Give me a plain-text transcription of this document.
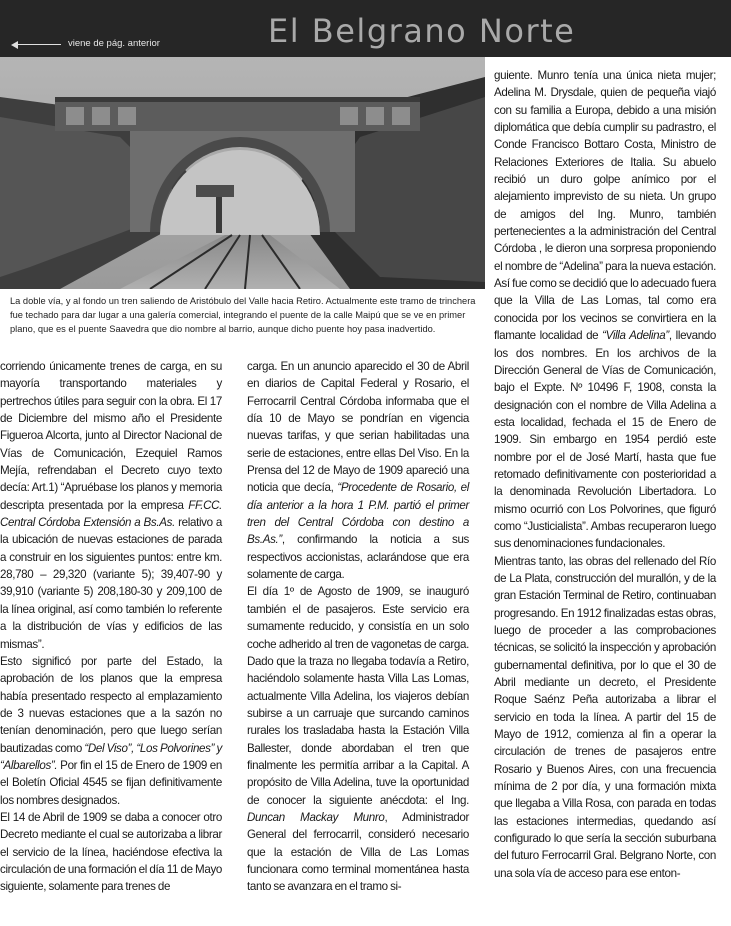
viene de pág. anterior	El Belgrano Norte

La doble vía, y al fondo un tren saliendo de Aristóbulo del Valle hacia Retiro. Actualmente este tramo de trinchera

fue techado para dar lugar a una galería comercial, integrando el puente de la calle Maipú que se ve en primer

plano, que es el puente Saavedra que dio nombre al barrio, aunque dicho puente hoy pasa inadvertido.

corriendo únicamente trenes de carga, en su mayoría transportando materiales y pertrechos útiles para seguir con la obra. El 17 de Diciembre del mismo año el Presidente Figueroa Alcorta, junto al Director Nacional de Vías de Comunicación, Ezequiel Ramos Mejía, refrendaban el Decreto cuyo texto decía: Art.1) “Apruébase los planos y memoria descripta presentada por la empresa FF.CC. Central Córdoba Extensión a Bs.As. relativo a la ubicación de nuevas estaciones de parada a construir en los siguientes puntos: entre km. 28,780 – 29,320 (variante 5); 39,407-90 y 39,910 (variante 5) 208,180-30 y 209,100 de la línea original, así como también lo referente a la distribución de vías y edificios de las mismas”.

Esto significó por parte del Estado, la aprobación de los planos que la empresa había presentado respecto al emplazamiento de 3 nuevas estaciones que a la sazón no tenían denominación, pero que luego serían bautizadas como “Del Viso”, “Los Polvorines” y “Albarellos”. Por fin el 15 de Enero de 1909 en el Boletín Oficial 4545 se fijan definitivamente los nombres designados.

El 14 de Abril de 1909 se daba a conocer otro Decreto mediante el cual se autorizaba a librar el servicio de la línea, haciéndose efectiva la circulación de una formación el día 11 de Mayo siguiente, solamente para trenes de

carga. En un anuncio aparecido el 30 de Abril en diarios de Capital Federal y Rosario, el Ferrocarril Central Córdoba informaba que el día 10 de Mayo se pondrían en vigencia nuevas tarifas, y que serian habilitadas una serie de estaciones, entre ellas Del Viso. En la Prensa del 12 de Mayo de 1909 apareció una noticia que decía, “Procedente de Rosario, el día anterior a la hora 1 P.M. partió el primer tren del Central Córdoba con destino a Bs.As.”, confirmando la noticia a sus respectivos accionistas, aclarándose que era solamente de carga.

El día 1º de Agosto de 1909, se inauguró también el de pasajeros. Este servicio era sumamente reducido, y consistía en un solo coche adherido al tren de vagonetas de carga. Dado que la traza no llegaba todavía a Retiro, haciéndolo solamente hasta Villa Las Lomas, actualmente Villa Adelina, los viajeros debían subirse a un carruaje que surcando caminos rurales los trasladaba hasta la Estación Villa Ballester, donde abordaban el tren que finalmente les permitía arribar a la Capital. A propósito de Villa Adelina, tuve la oportunidad de conocer la siguiente anécdota: el Ing. Duncan Mackay Munro, Administrador General del ferrocarril, consideró necesario que la estación de Villa de Las Lomas funcionara como terminal momentánea hasta tanto se avanzara en el tramo si-

guiente. Munro tenía una única nieta mujer; Adelina M. Drysdale, quien de pequeña viajó con su familia a Europa, debido a una misión diplomática que debía cumplir su padrastro, el Conde Francisco Bottaro Costa, Ministro de Relaciones Exteriores de Italia. Su abuelo recibió un duro golpe anímico por el alejamiento imprevisto de su nieta. Un grupo de amigos del Ing. Munro, también pertenecientes a la administración del Central Córdoba , le dieron una sorpresa proponiendo el nombre de “Adelina” para la nueva estación. Así fue como se decidió que lo adecuado fuera que la Villa de Las Lomas, tal como era conocida por los vecinos se convirtiera en la flamante localidad de “Villa Adelina”, llevando los dos nombres. En los archivos de la Dirección General de Vías de Comunicación, bajo el Expte. Nº 10496 F, 1908, consta la designación con el nombre de Villa Adelina a esta localidad, fechada el 15 de Enero de 1909. Sin embargo en 1954 perdió este nombre por el de José Martí, hasta que fue retomado definitivamente con posterioridad a la denominada Revolución Libertadora. Lo mismo ocurrió con Los Polvorines, que figuró como “Justicialista”. Ambas recuperaron luego sus denominaciones fundacionales.

Mientras tanto, las obras del rellenado del Río de La Plata, construcción del murallón, y de la gran Estación Terminal de Retiro, continuaban progresando. En 1912 finalizadas estas obras, luego de proceder a las comprobaciones técnicas, se solicitó la inspección y aprobación gubernamental definitiva, por lo que el 30 de Abril mediante un decreto, el Presidente Roque Saénz Peña autorizaba a librar el servicio en toda la línea. A partir del 15 de Mayo de 1912, comienza al fin a operar la circulación de trenes de pasajeros entre Rosario y Buenos Aires, con una frecuencia mínima de 2 por día, y una formación mixta que llegaba a Villa Rosa, con parada en todas las estaciones intermedias, quedando así configurado lo que sería la sección suburbana del futuro Ferrocarril Gral. Belgrano Norte, con una sola vía de acceso para ese enton-
